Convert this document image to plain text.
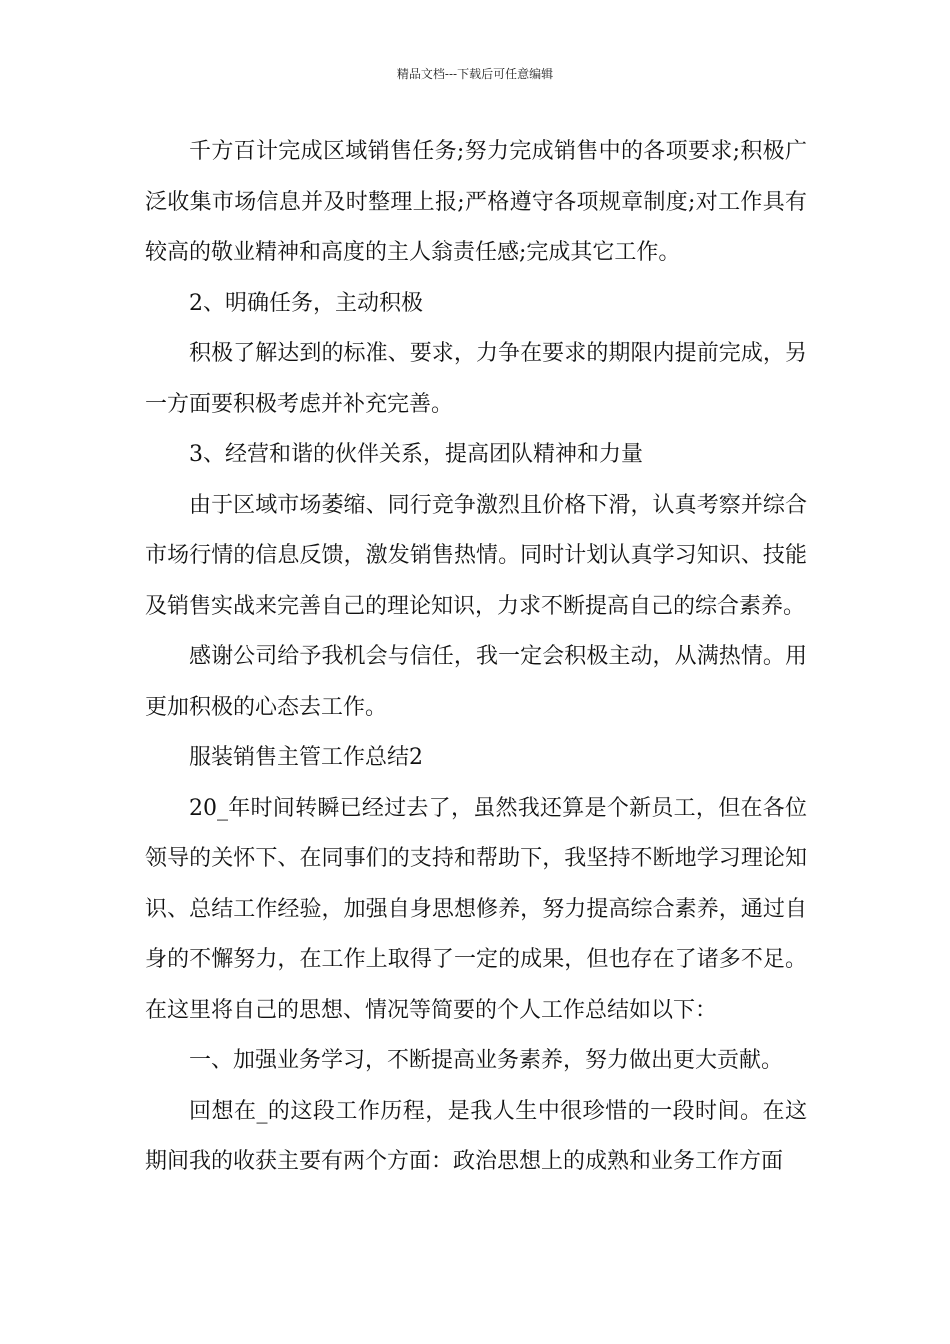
精品文档---下载后可任意编辑

千方百计完成区域销售任务;努力完成销售中的各项要求;积极广泛收集市场信息并及时整理上报;严格遵守各项规章制度;对工作具有较高的敬业精神和高度的主人翁责任感;完成其它工作。

2、明确任务，主动积极

积极了解达到的标准、要求，力争在要求的期限内提前完成，另一方面要积极考虑并补充完善。

3、经营和谐的伙伴关系，提高团队精神和力量

由于区域市场萎缩、同行竞争激烈且价格下滑，认真考察并综合市场行情的信息反馈，激发销售热情。同时计划认真学习知识、技能及销售实战来完善自己的理论知识，力求不断提高自己的综合素养。

感谢公司给予我机会与信任，我一定会积极主动，从满热情。用更加积极的心态去工作。

服装销售主管工作总结2

20_年时间转瞬已经过去了，虽然我还算是个新员工，但在各位领导的关怀下、在同事们的支持和帮助下，我坚持不断地学习理论知识、总结工作经验，加强自身思想修养，努力提高综合素养，通过自身的不懈努力，在工作上取得了一定的成果，但也存在了诸多不足。在这里将自己的思想、情况等简要的个人工作总结如以下：

一、加强业务学习，不断提高业务素养，努力做出更大贡献。

回想在_的这段工作历程，是我人生中很珍惜的一段时间。在这期间我的收获主要有两个方面：政治思想上的成熟和业务工作方面
